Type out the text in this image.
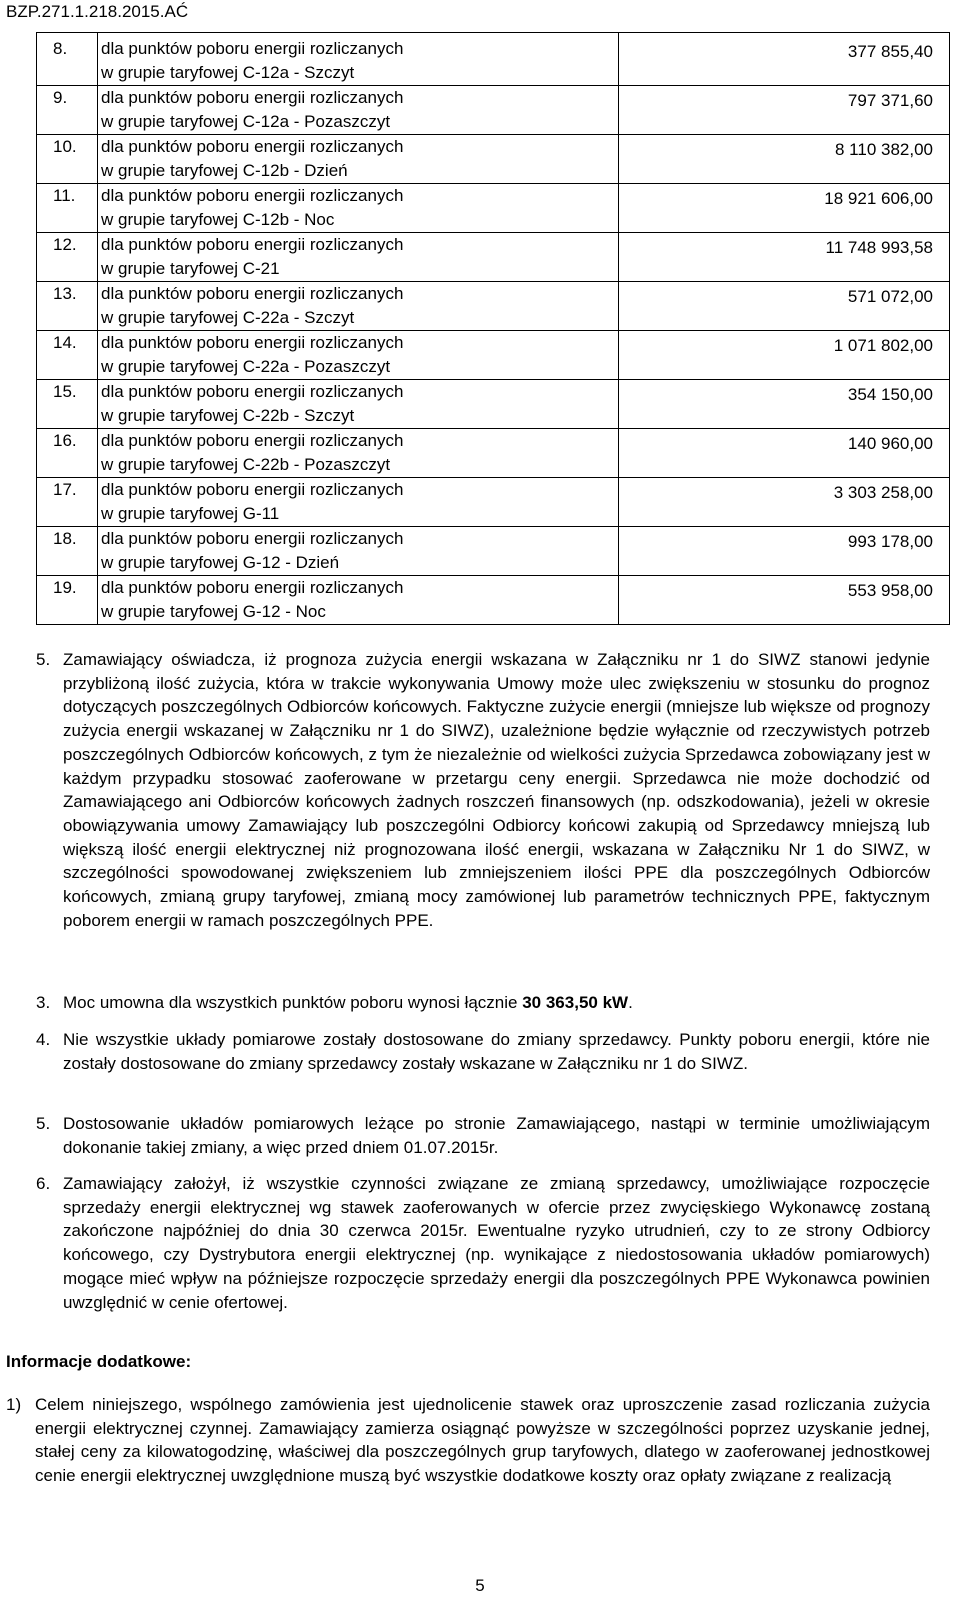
BZP.271.1.218.2015.AĆ
8.	dla punktów poboru energii rozliczanych
w grupie taryfowej C-12a - Szczyt	377 855,40

9.	dla punktów poboru energii rozliczanych
w grupie taryfowej C-12a - Pozaszczyt	797 371,60

10.	dla punktów poboru energii rozliczanych
w grupie taryfowej C-12b - Dzień	8 110 382,00

11.	dla punktów poboru energii rozliczanych
w grupie taryfowej C-12b - Noc	18 921 606,00

12.	dla punktów poboru energii rozliczanych
w grupie taryfowej C-21	11 748 993,58

13.	dla punktów poboru energii rozliczanych
w grupie taryfowej C-22a - Szczyt	571 072,00

14.	dla punktów poboru energii rozliczanych
w grupie taryfowej C-22a - Pozaszczyt	1 071 802,00

15.	dla punktów poboru energii rozliczanych
w grupie taryfowej C-22b - Szczyt	354 150,00

16.	dla punktów poboru energii rozliczanych
w grupie taryfowej C-22b - Pozaszczyt	140 960,00

17.	dla punktów poboru energii rozliczanych
w grupie taryfowej G-11	3 303 258,00

18.	dla punktów poboru energii rozliczanych
w grupie taryfowej G-12 - Dzień	993 178,00

19.	dla punktów poboru energii rozliczanych
w grupie taryfowej G-12 - Noc	553 958,00

5. Zamawiający oświadcza, iż prognoza zużycia energii wskazana w Załączniku nr 1 do SIWZ stanowi jedynie przybliżoną ilość zużycia, która w trakcie wykonywania Umowy może ulec zwiększeniu w stosunku do prognoz dotyczących poszczególnych Odbiorców końcowych. Faktyczne zużycie energii (mniejsze lub większe od prognozy zużycia energii wskazanej w Załączniku nr 1 do SIWZ), uzależnione będzie wyłącznie od rzeczywistych potrzeb poszczególnych Odbiorców końcowych, z tym że niezależnie od wielkości zużycia Sprzedawca zobowiązany jest w każdym przypadku stosować zaoferowane w przetargu ceny energii. Sprzedawca nie może dochodzić od Zamawiającego ani Odbiorców końcowych żadnych roszczeń finansowych (np. odszkodowania), jeżeli w okresie obowiązywania umowy Zamawiający lub poszczególni Odbiorcy końcowi zakupią od Sprzedawcy mniejszą lub większą ilość energii elektrycznej niż prognozowana ilość energii, wskazana w Załączniku Nr 1 do SIWZ, w szczególności spowodowanej zwiększeniem lub zmniejszeniem ilości PPE dla poszczególnych Odbiorców końcowych, zmianą grupy taryfowej, zmianą mocy zamówionej lub parametrów technicznych PPE, faktycznym poborem energii w ramach poszczególnych PPE.

3. Moc umowna dla wszystkich punktów poboru wynosi łącznie 30 363,50 kW.

4. Nie wszystkie układy pomiarowe zostały dostosowane do zmiany sprzedawcy. Punkty poboru energii, które nie zostały dostosowane do zmiany sprzedawcy zostały wskazane w Załączniku nr 1 do SIWZ.

5. Dostosowanie układów pomiarowych leżące po stronie Zamawiającego, nastąpi w terminie umożliwiającym dokonanie takiej zmiany, a więc przed dniem 01.07.2015r.

6. Zamawiający założył, iż wszystkie czynności związane ze zmianą sprzedawcy, umożliwiające rozpoczęcie sprzedaży energii elektrycznej wg stawek zaoferowanych w ofercie przez zwycięskiego Wykonawcę zostaną zakończone najpóźniej do dnia 30 czerwca 2015r. Ewentualne ryzyko utrudnień, czy to ze strony Odbiorcy końcowego, czy Dystrybutora energii elektrycznej (np. wynikające z niedostosowania układów pomiarowych) mogące mieć wpływ na późniejsze rozpoczęcie sprzedaży energii dla poszczególnych PPE Wykonawca powinien uwzględnić w cenie ofertowej.

Informacje dodatkowe:

1) Celem niniejszego, wspólnego zamówienia jest ujednolicenie stawek oraz uproszczenie zasad rozliczania zużycia energii elektrycznej czynnej. Zamawiający zamierza osiągnąć powyższe w szczególności poprzez uzyskanie jednej, stałej ceny za kilowatogodzinę, właściwej dla poszczególnych grup taryfowych, dlatego w zaoferowanej jednostkowej cenie energii elektrycznej uwzględnione muszą być wszystkie dodatkowe koszty oraz opłaty związane z realizacją

5
